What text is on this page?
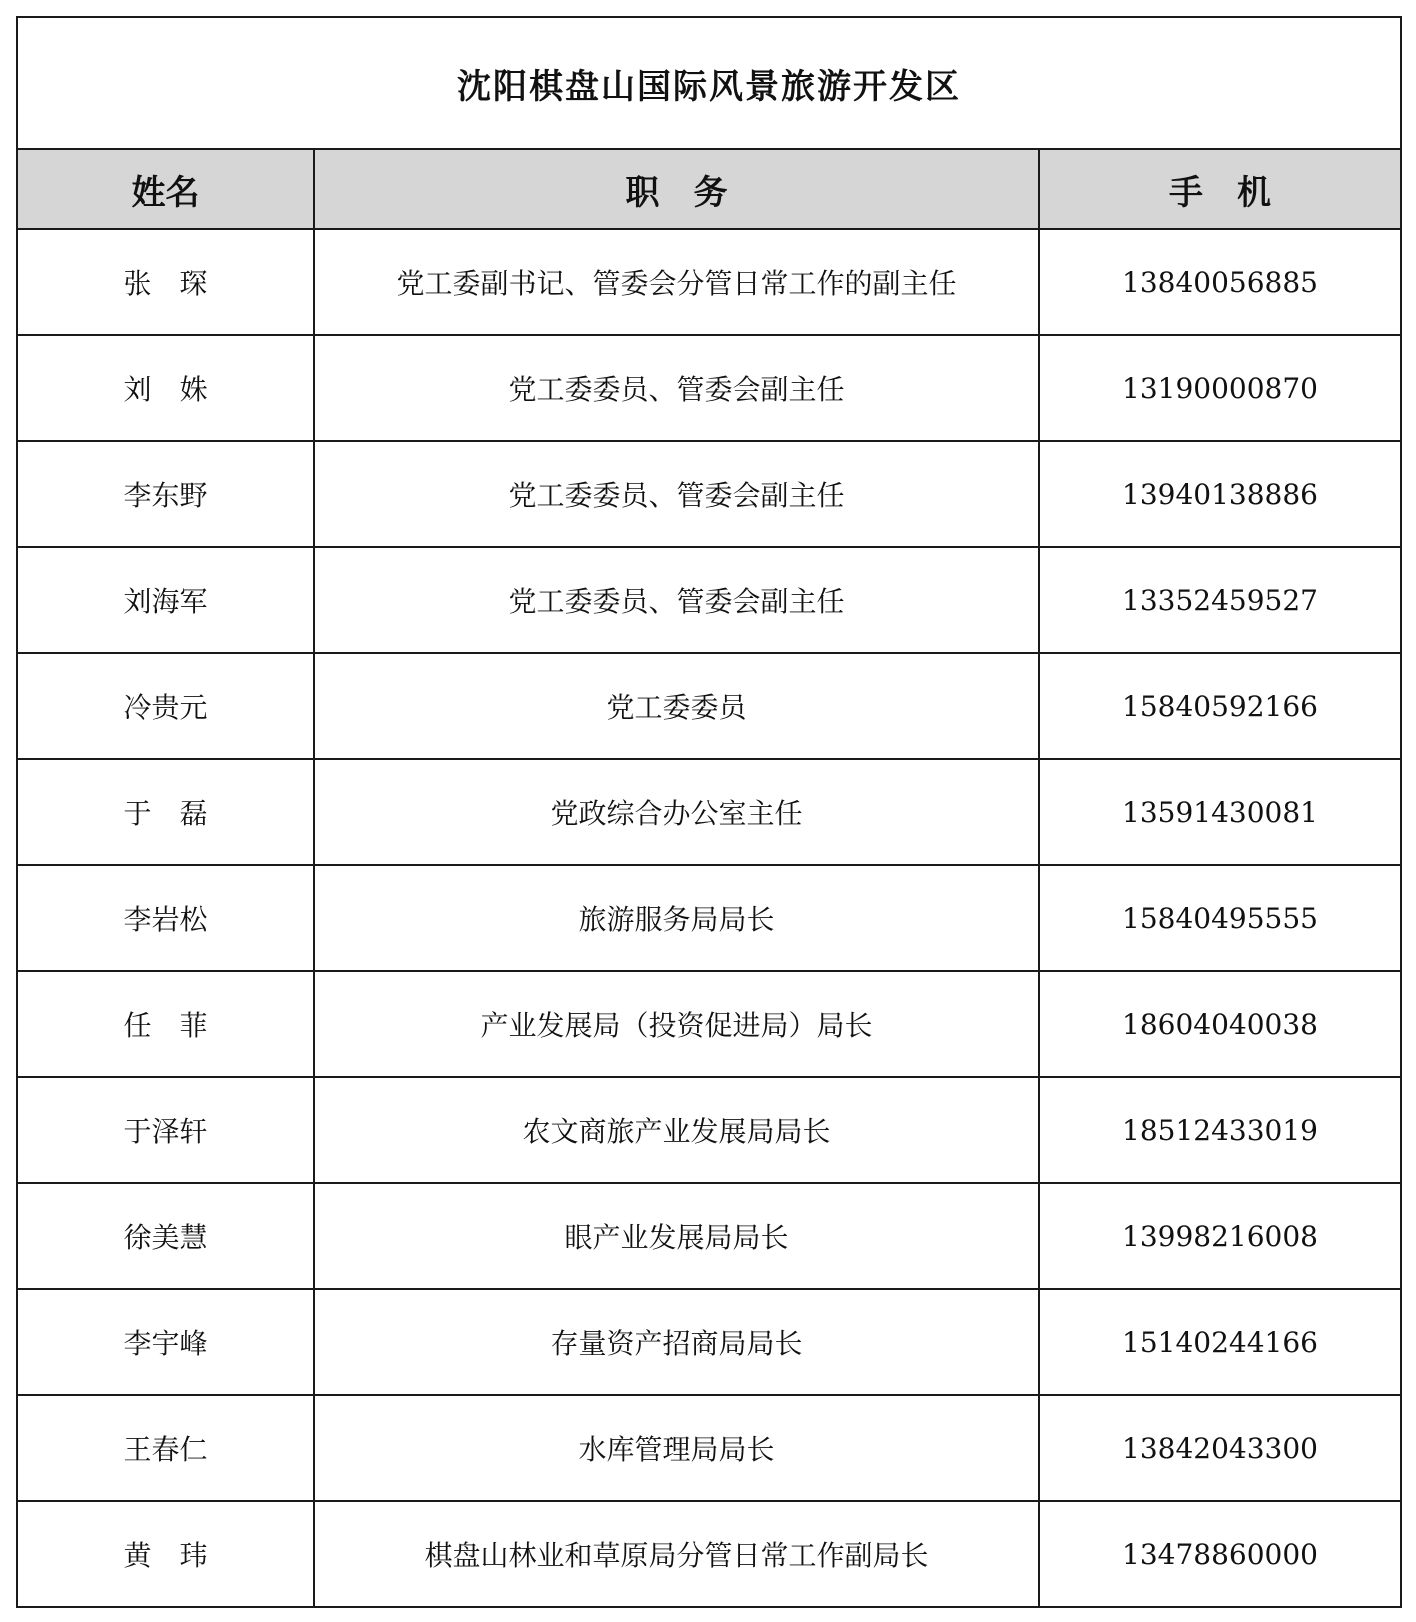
沈阳棋盘山国际风景旅游开发区		
姓名	职　务	手　机
张　琛	党工委副书记、管委会分管日常工作的副主任	13840056885
刘　姝	党工委委员、管委会副主任	13190000870
李东野	党工委委员、管委会副主任	13940138886
刘海军	党工委委员、管委会副主任	13352459527
冷贵元	党工委委员	15840592166
于　磊	党政综合办公室主任	13591430081
李岩松	旅游服务局局长	15840495555
任　菲	产业发展局（投资促进局）局长	18604040038
于泽轩	农文商旅产业发展局局长	18512433019
徐美慧	眼产业发展局局长	13998216008
李宇峰	存量资产招商局局长	15140244166
王春仁	水库管理局局长	13842043300
黄　玮	棋盘山林业和草原局分管日常工作副局长	13478860000
